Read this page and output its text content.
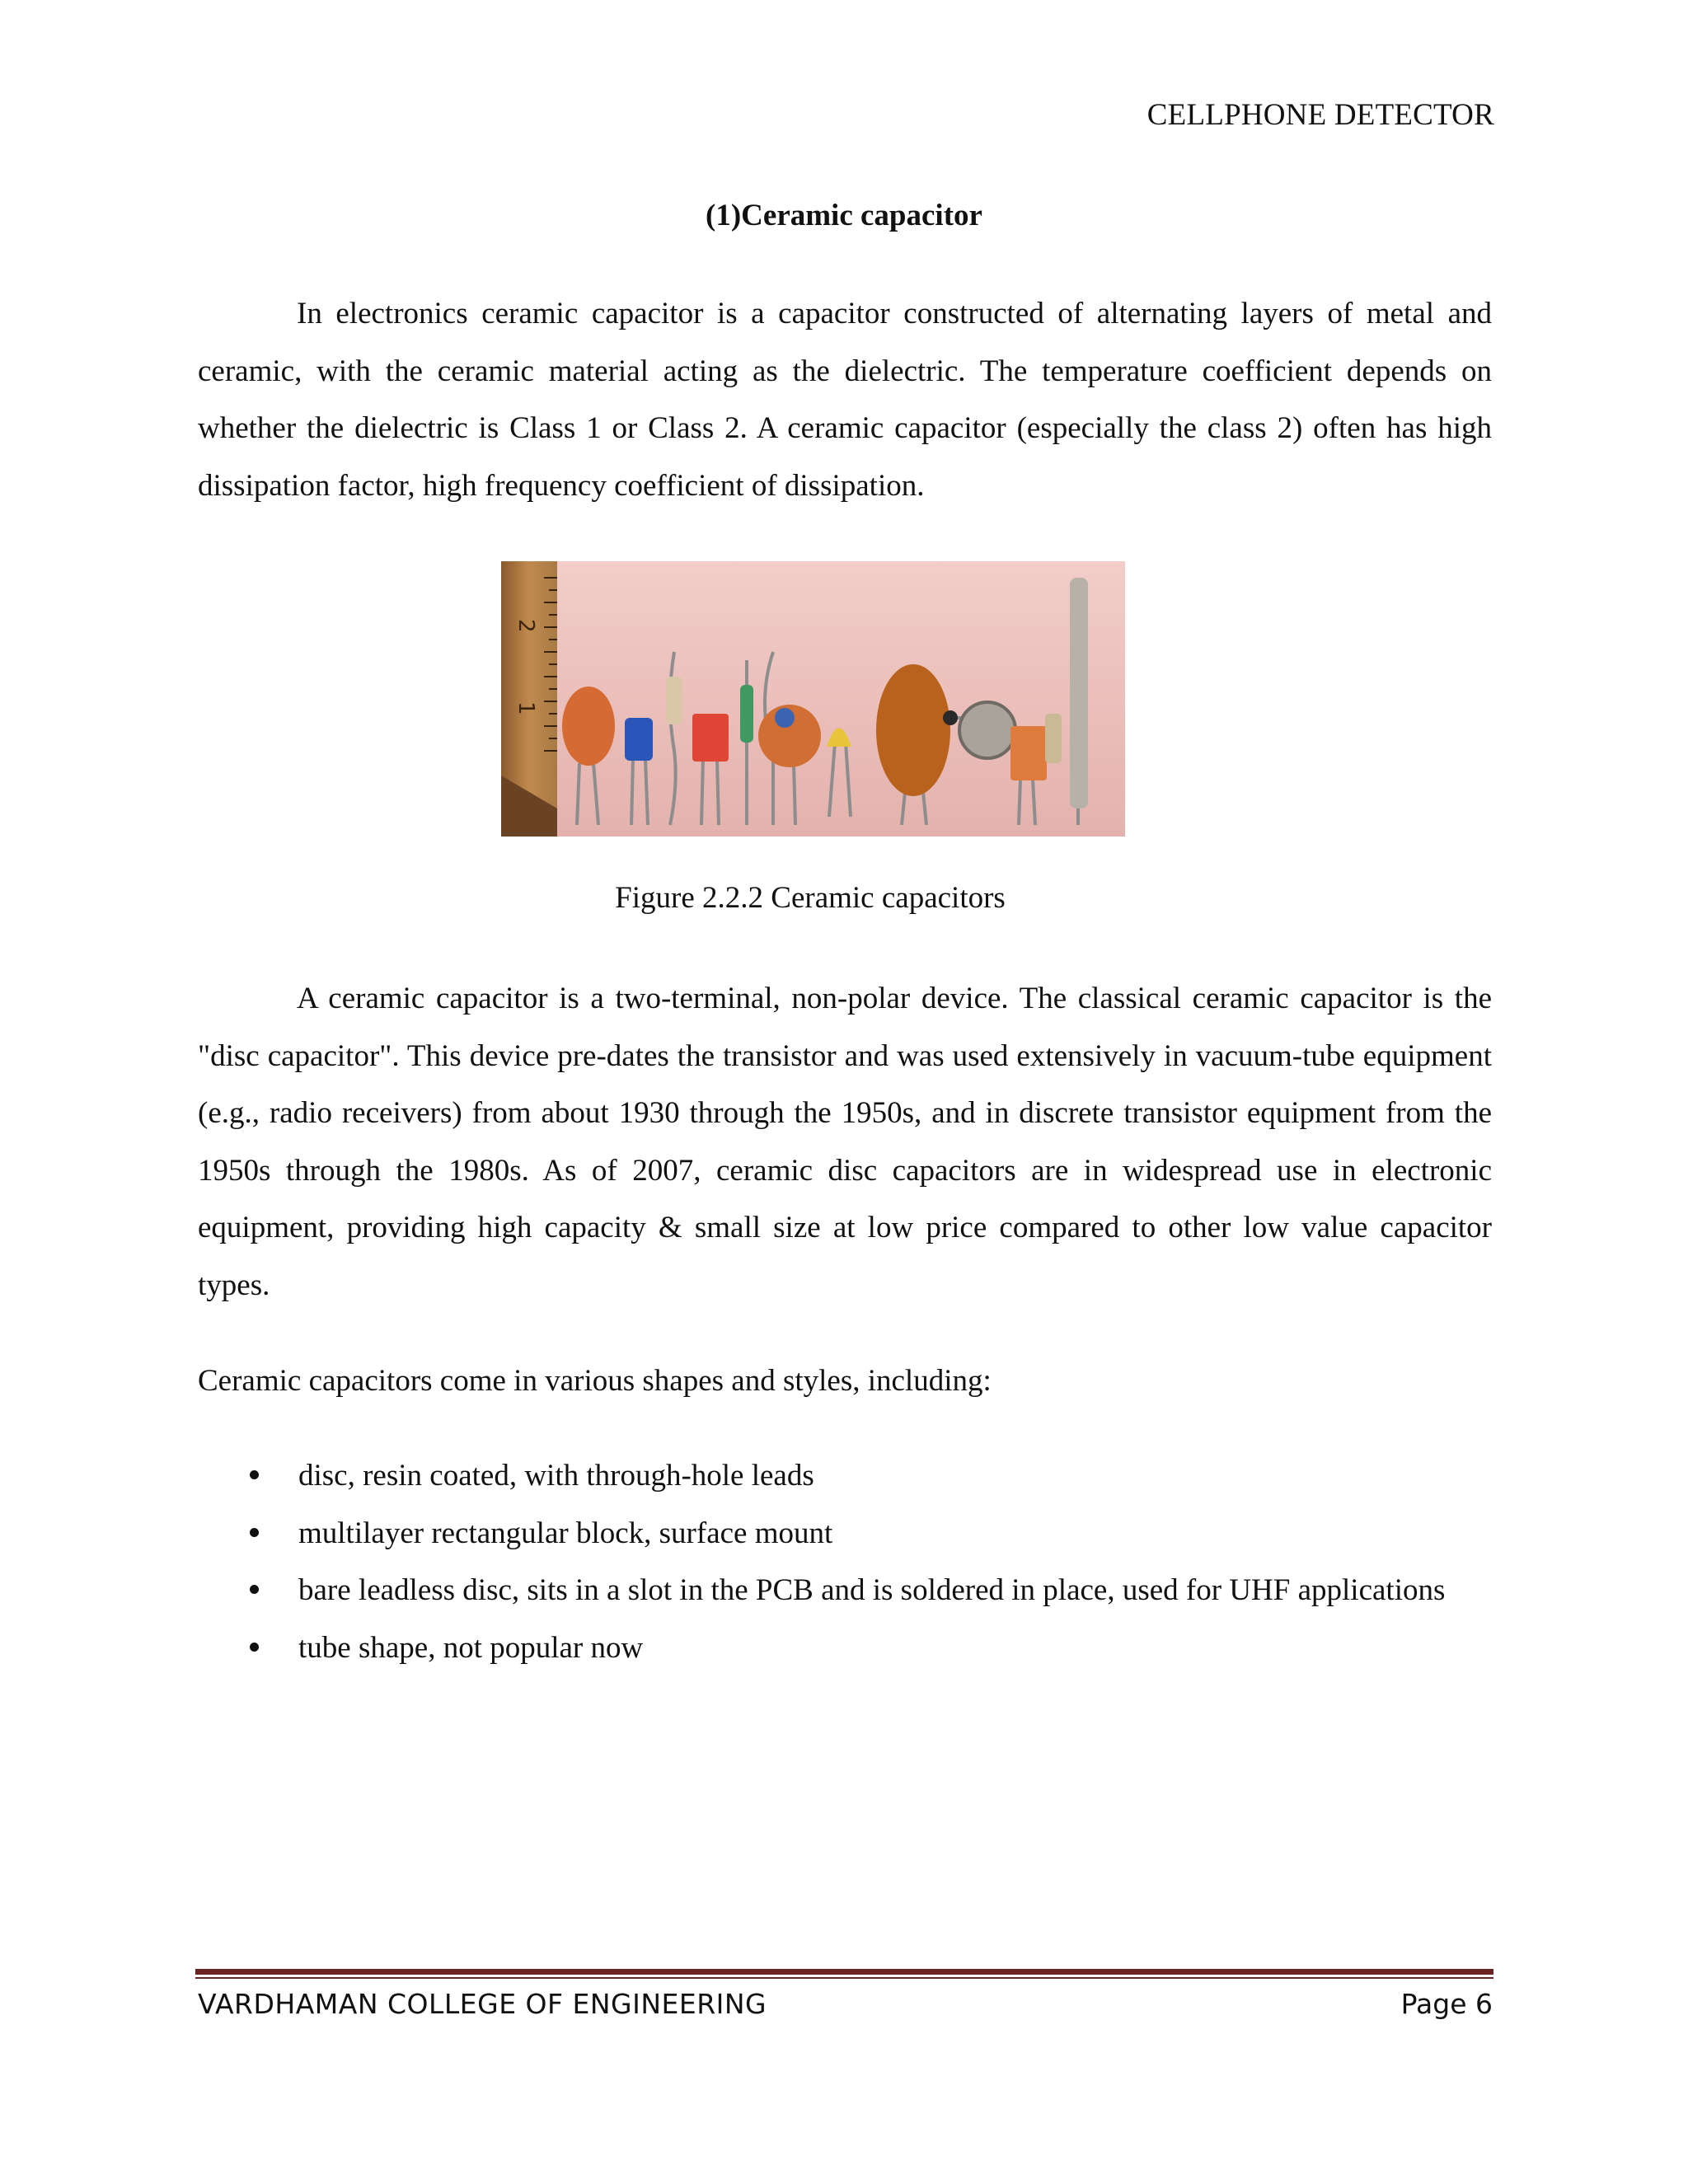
CELLPHONE DETECTOR
(1)Ceramic capacitor

In electronics ceramic capacitor is a capacitor constructed of alternating layers of metal and ceramic, with the ceramic material acting as the dielectric. The temperature coefficient depends on whether the dielectric is Class 1 or Class 2. A ceramic capacitor (especially the class 2) often has high dissipation factor, high frequency coefficient of dissipation.

2
1
Figure 2.2.2 Ceramic capacitors

A ceramic capacitor is a two-terminal, non-polar device. The classical ceramic capacitor is the "disc capacitor". This device pre-dates the transistor and was used extensively in vacuum-tube equipment (e.g., radio receivers) from about 1930 through the 1950s, and in discrete transistor equipment from the 1950s through the 1980s. As of 2007, ceramic disc capacitors are in widespread use in electronic equipment, providing high capacity & small size at low price compared to other low value capacitor types.

Ceramic capacitors come in various shapes and styles, including:

disc, resin coated, with through-hole leads
multilayer rectangular block, surface mount
bare leadless disc, sits in a slot in the PCB and is soldered in place, used for UHF applications
tube shape, not popular now
VARDHAMAN COLLEGE OF ENGINEERING	Page 6
